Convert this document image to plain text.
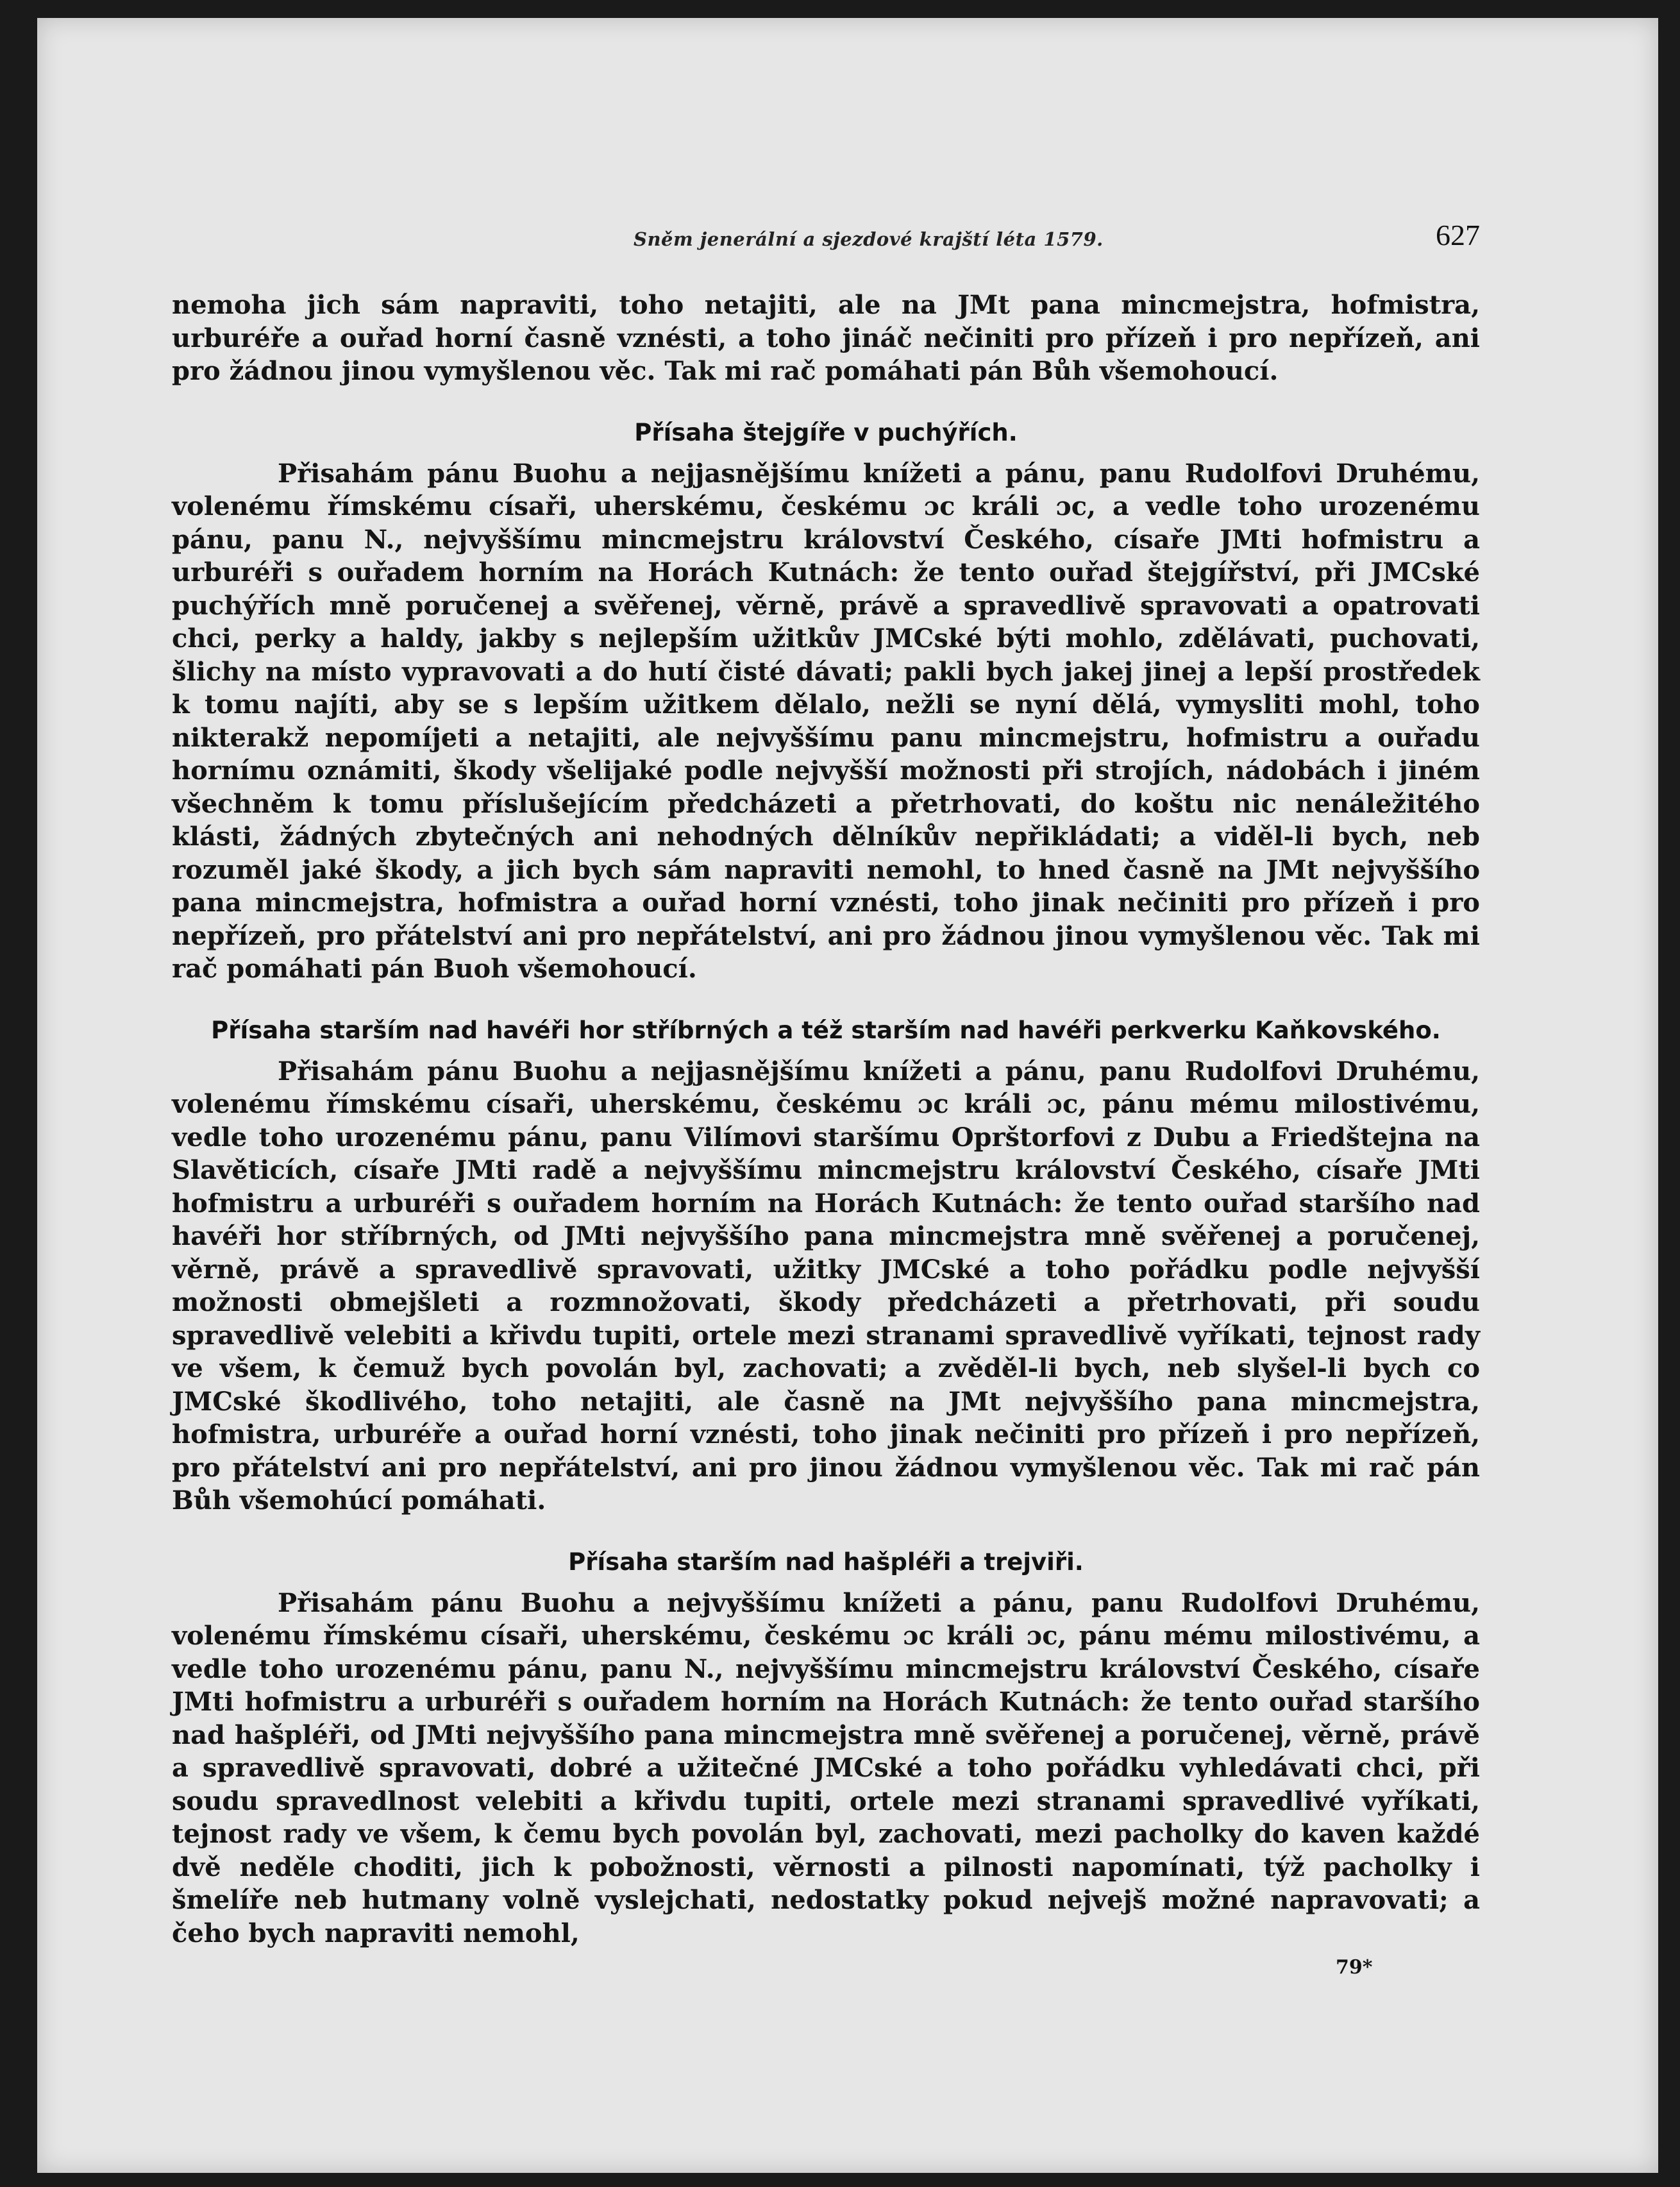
Sněm jenerální a sjezdové krajští léta 1579.	627

nemoha jich sám napraviti, toho netajiti, ale na JMt pana mincmejstra, hofmistra, urburéře a ouřad horní časně vznésti, a toho jináč nečiniti pro přízeň i pro nepřízeň, ani pro žádnou jinou vymyšlenou věc. Tak mi rač pomáhati pán Bůh všemohoucí.

Přísaha štejgíře v puchýřích.

Přisahám pánu Buohu a nejjasnějšímu knížeti a pánu, panu Rudolfovi Druhému, volenému římskému císaři, uherskému, českému ɔc králi ɔc, a vedle toho urozenému pánu, panu N., nejvyššímu mincmejstru království Českého, císaře JMti hofmistru a urburéři s ouřadem horním na Horách Kutnách: že tento ouřad štejgířství, při JMCské puchýřích mně poručenej a svěřenej, věrně, právě a spravedlivě spravovati a opatrovati chci, perky a haldy, jakby s nejlepším užitkův JMCské býti mohlo, zdělávati, puchovati, šlichy na místo vypravovati a do hutí čisté dávati; pakli bych jakej jinej a lepší prostředek k tomu najíti, aby se s lepším užitkem dělalo, nežli se nyní dělá, vymysliti mohl, toho nikterakž nepomíjeti a netajiti, ale nejvyššímu panu mincmejstru, hofmistru a ouřadu hornímu oznámiti, škody všelijaké podle nejvyšší možnosti při strojích, nádobách i jiném všechněm k tomu příslušejícím předcházeti a přetrhovati, do koštu nic nenáležitého klásti, žádných zbytečných ani nehodných dělníkův nepřikládati; a viděl-li bych, neb rozuměl jaké škody, a jich bych sám napraviti nemohl, to hned časně na JMt nejvyššího pana mincmejstra, hofmistra a ouřad horní vznésti, toho jinak nečiniti pro přízeň i pro nepřízeň, pro přátelství ani pro nepřátelství, ani pro žádnou jinou vymyšlenou věc. Tak mi rač pomáhati pán Buoh všemohoucí.

Přísaha starším nad havéři hor stříbrných a též starším nad havéři perkverku Kaňkovského.

Přisahám pánu Buohu a nejjasnějšímu knížeti a pánu, panu Rudolfovi Druhému, volenému římskému císaři, uherskému, českému ɔc králi ɔc, pánu mému milostivému, vedle toho urozenému pánu, panu Vilímovi staršímu Oprštorfovi z Dubu a Friedštejna na Slavěticích, císaře JMti radě a nejvyššímu mincmejstru království Českého, císaře JMti hofmistru a urburéři s ouřadem horním na Horách Kutnách: že tento ouřad staršího nad havéři hor stříbrných, od JMti nejvyššího pana mincmejstra mně svěřenej a poručenej, věrně, právě a spravedlivě spravovati, užitky JMCské a toho pořádku podle nejvyšší možnosti obmejšleti a rozmnožovati, škody předcházeti a přetrhovati, při soudu spravedlivě velebiti a křivdu tupiti, ortele mezi stranami spravedlivě vyříkati, tejnost rady ve všem, k čemuž bych povolán byl, zachovati; a zvěděl-li bych, neb slyšel-li bych co JMCské škodlivého, toho netajiti, ale časně na JMt nejvyššího pana mincmejstra, hofmistra, urburéře a ouřad horní vznésti, toho jinak nečiniti pro přízeň i pro nepřízeň, pro přátelství ani pro nepřátelství, ani pro jinou žádnou vymyšlenou věc. Tak mi rač pán Bůh všemohúcí pomáhati.

Přísaha starším nad hašpléři a trejviři.

Přisahám pánu Buohu a nejvyššímu knížeti a pánu, panu Rudolfovi Druhému, volenému římskému císaři, uherskému, českému ɔc králi ɔc, pánu mému milostivému, a vedle toho urozenému pánu, panu N., nejvyššímu mincmejstru království Českého, císaře JMti hofmistru a urburéři s ouřadem horním na Horách Kutnách: že tento ouřad staršího nad hašpléři, od JMti nejvyššího pana mincmejstra mně svěřenej a poručenej, věrně, právě a spravedlivě spravovati, dobré a užitečné JMCské a toho pořádku vyhledávati chci, při soudu spravedlnost velebiti a křivdu tupiti, ortele mezi stranami spravedlivé vyříkati, tejnost rady ve všem, k čemu bych povolán byl, zachovati, mezi pacholky do kaven každé dvě neděle choditi, jich k pobožnosti, věrnosti a pilnosti napomínati, týž pacholky i šmelíře neb hutmany volně vyslejchati, nedostatky pokud nejvejš možné napravovati; a čeho bych napraviti nemohl,

79*
